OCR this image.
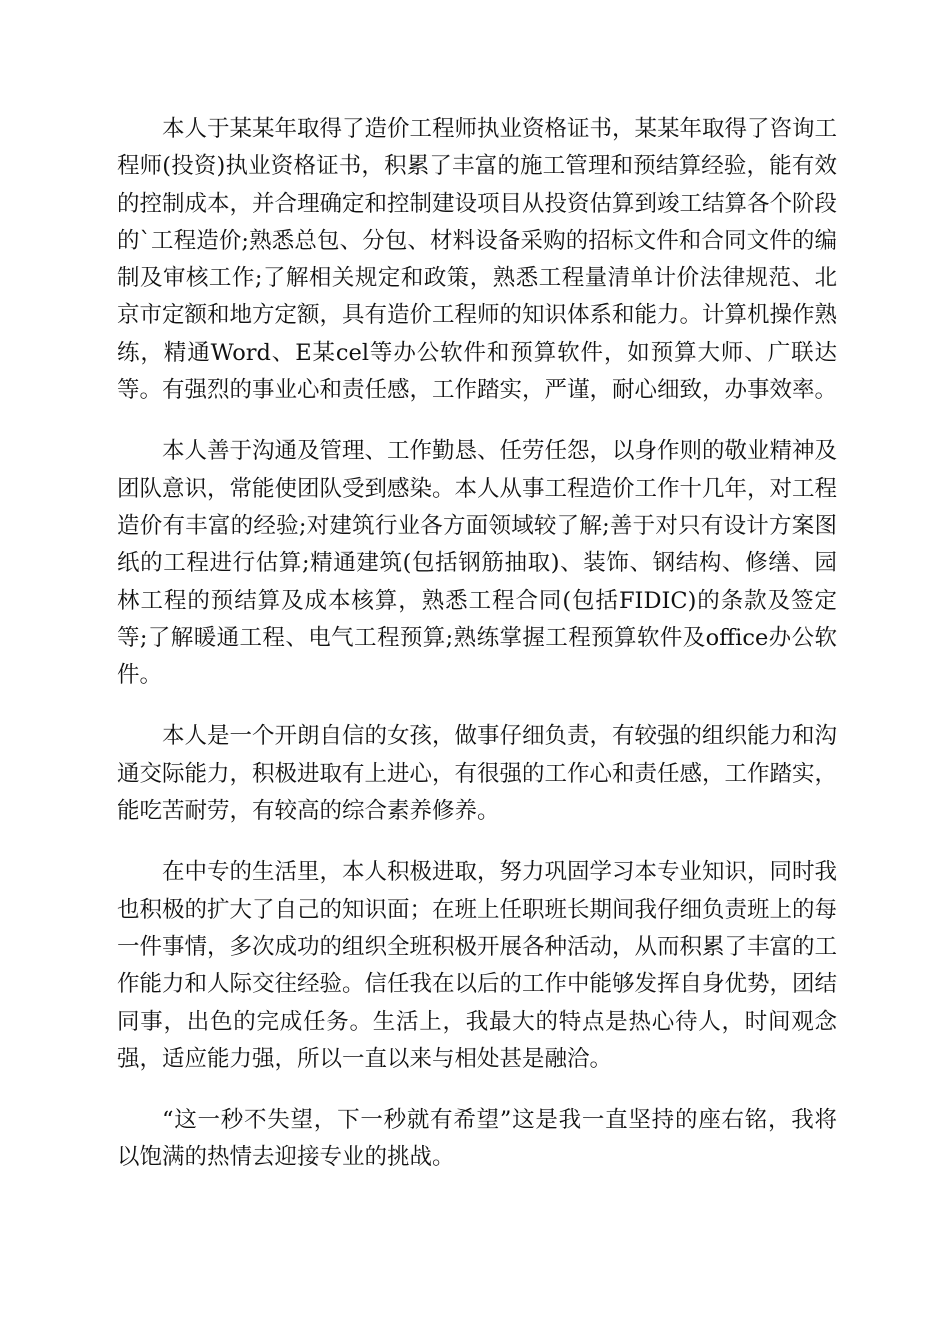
本人于某某年取得了造价工程师执业资格证书，某某年取得了咨询工程师(投资)执业资格证书，积累了丰富的施工管理和预结算经验，能有效的控制成本，并合理确定和控制建设项目从投资估算到竣工结算各个阶段的`工程造价;熟悉总包、分包、材料设备采购的招标文件和合同文件的编制及审核工作;了解相关规定和政策，熟悉工程量清单计价法律规范、北京市定额和地方定额，具有造价工程师的知识体系和能力。计算机操作熟练，精通Word、E某cel等办公软件和预算软件，如预算大师、广联达等。有强烈的事业心和责任感，工作踏实，严谨，耐心细致，办事效率。

本人善于沟通及管理、工作勤恳、任劳任怨，以身作则的敬业精神及团队意识，常能使团队受到感染。本人从事工程造价工作十几年，对工程造价有丰富的经验;对建筑行业各方面领域较了解;善于对只有设计方案图纸的工程进行估算;精通建筑(包括钢筋抽取)、装饰、钢结构、修缮、园林工程的预结算及成本核算，熟悉工程合同(包括FIDIC)的条款及签定等;了解暖通工程、电气工程预算;熟练掌握工程预算软件及office办公软件。

本人是一个开朗自信的女孩，做事仔细负责，有较强的组织能力和沟通交际能力，积极进取有上进心，有很强的工作心和责任感，工作踏实，能吃苦耐劳，有较高的综合素养修养。

在中专的生活里，本人积极进取，努力巩固学习本专业知识，同时我也积极的扩大了自己的知识面；在班上任职班长期间我仔细负责班上的每一件事情，多次成功的组织全班积极开展各种活动，从而积累了丰富的工作能力和人际交往经验。信任我在以后的工作中能够发挥自身优势，团结同事，出色的完成任务。生活上，我最大的特点是热心待人，时间观念强，适应能力强，所以一直以来与相处甚是融洽。

“这一秒不失望，下一秒就有希望”这是我一直坚持的座右铭，我将以饱满的热情去迎接专业的挑战。
